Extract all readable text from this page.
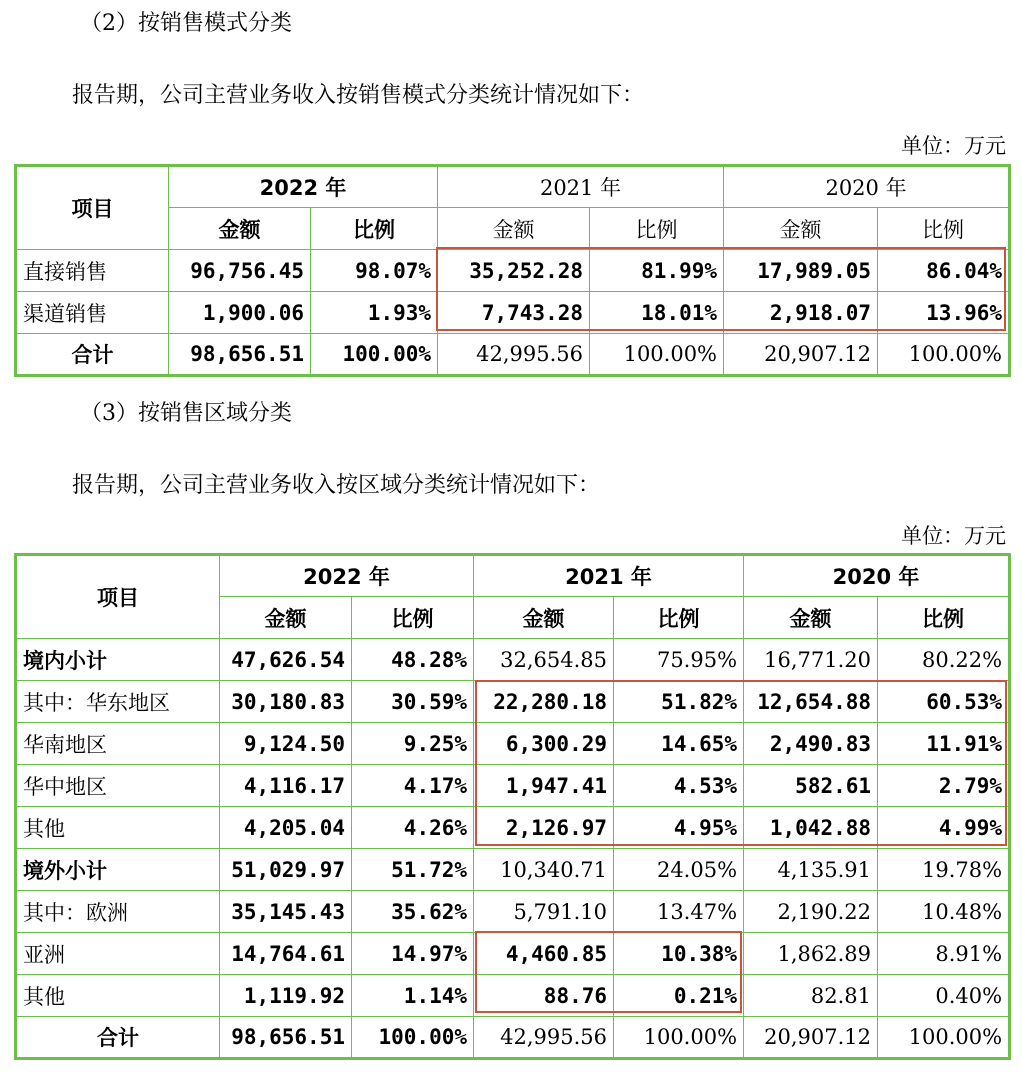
（2）按销售模式分类
报告期，公司主营业务收入按销售模式分类统计情况如下：
单位：万元
项目	2022 年		2021 年		2020 年	
	金额	比例	金额	比例	金额	比例
直接销售	96,756.45	98.07%	35,252.28	81.99%	17,989.05	86.04%
渠道销售	1,900.06	1.93%	7,743.28	18.01%	2,918.07	13.96%
合计	98,656.51	100.00%	42,995.56	100.00%	20,907.12	100.00%
（3）按销售区域分类
报告期，公司主营业务收入按区域分类统计情况如下：
单位：万元
项目	2022 年		2021 年		2020 年	
	金额	比例	金额	比例	金额	比例
境内小计	47,626.54	48.28%	32,654.85	75.95%	16,771.20	80.22%
其中：华东地区	30,180.83	30.59%	22,280.18	51.82%	12,654.88	60.53%
华南地区	9,124.50	9.25%	6,300.29	14.65%	2,490.83	11.91%
华中地区	4,116.17	4.17%	1,947.41	4.53%	582.61	2.79%
其他	4,205.04	4.26%	2,126.97	4.95%	1,042.88	4.99%
境外小计	51,029.97	51.72%	10,340.71	24.05%	4,135.91	19.78%
其中：欧洲	35,145.43	35.62%	5,791.10	13.47%	2,190.22	10.48%
亚洲	14,764.61	14.97%	4,460.85	10.38%	1,862.89	8.91%
其他	1,119.92	1.14%	88.76	0.21%	82.81	0.40%
合计	98,656.51	100.00%	42,995.56	100.00%	20,907.12	100.00%
